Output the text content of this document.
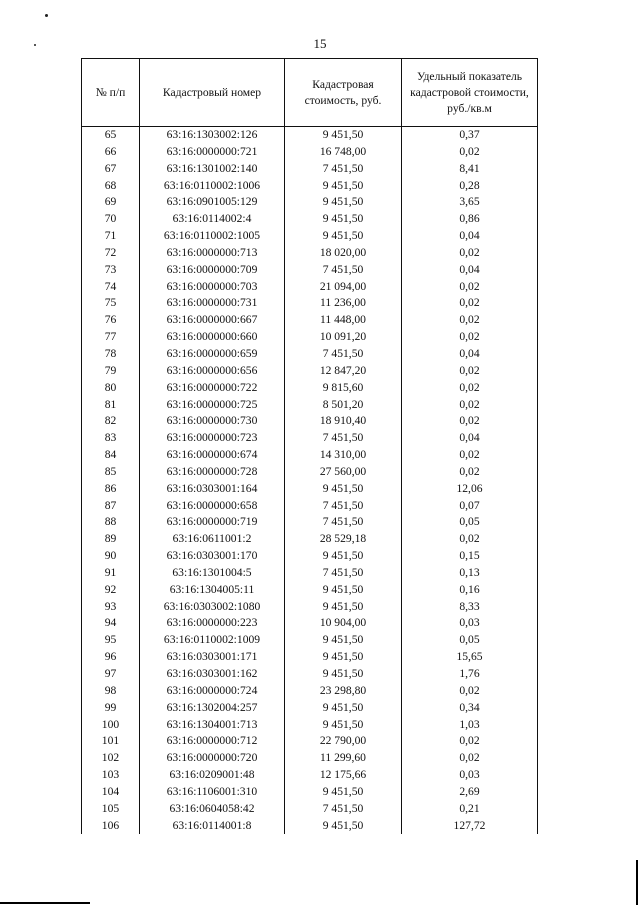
15
№ п/п	Кадастровый номер	Кадастровая стоимость, руб.	Удельный показатель кадастровой стоимости, руб./кв.м
65	63:16:1303002:126	9 451,50	0,37
66	63:16:0000000:721	16 748,00	0,02
67	63:16:1301002:140	7 451,50	8,41
68	63:16:0110002:1006	9 451,50	0,28
69	63:16:0901005:129	9 451,50	3,65
70	63:16:0114002:4	9 451,50	0,86
71	63:16:0110002:1005	9 451,50	0,04
72	63:16:0000000:713	18 020,00	0,02
73	63:16:0000000:709	7 451,50	0,04
74	63:16:0000000:703	21 094,00	0,02
75	63:16:0000000:731	11 236,00	0,02
76	63:16:0000000:667	11 448,00	0,02
77	63:16:0000000:660	10 091,20	0,02
78	63:16:0000000:659	7 451,50	0,04
79	63:16:0000000:656	12 847,20	0,02
80	63:16:0000000:722	9 815,60	0,02
81	63:16:0000000:725	8 501,20	0,02
82	63:16:0000000:730	18 910,40	0,02
83	63:16:0000000:723	7 451,50	0,04
84	63:16:0000000:674	14 310,00	0,02
85	63:16:0000000:728	27 560,00	0,02
86	63:16:0303001:164	9 451,50	12,06
87	63:16:0000000:658	7 451,50	0,07
88	63:16:0000000:719	7 451,50	0,05
89	63:16:0611001:2	28 529,18	0,02
90	63:16:0303001:170	9 451,50	0,15
91	63:16:1301004:5	7 451,50	0,13
92	63:16:1304005:11	9 451,50	0,16
93	63:16:0303002:1080	9 451,50	8,33
94	63:16:0000000:223	10 904,00	0,03
95	63:16:0110002:1009	9 451,50	0,05
96	63:16:0303001:171	9 451,50	15,65
97	63:16:0303001:162	9 451,50	1,76
98	63:16:0000000:724	23 298,80	0,02
99	63:16:1302004:257	9 451,50	0,34
100	63:16:1304001:713	9 451,50	1,03
101	63:16:0000000:712	22 790,00	0,02
102	63:16:0000000:720	11 299,60	0,02
103	63:16:0209001:48	12 175,66	0,03
104	63:16:1106001:310	9 451,50	2,69
105	63:16:0604058:42	7 451,50	0,21
106	63:16:0114001:8	9 451,50	127,72
